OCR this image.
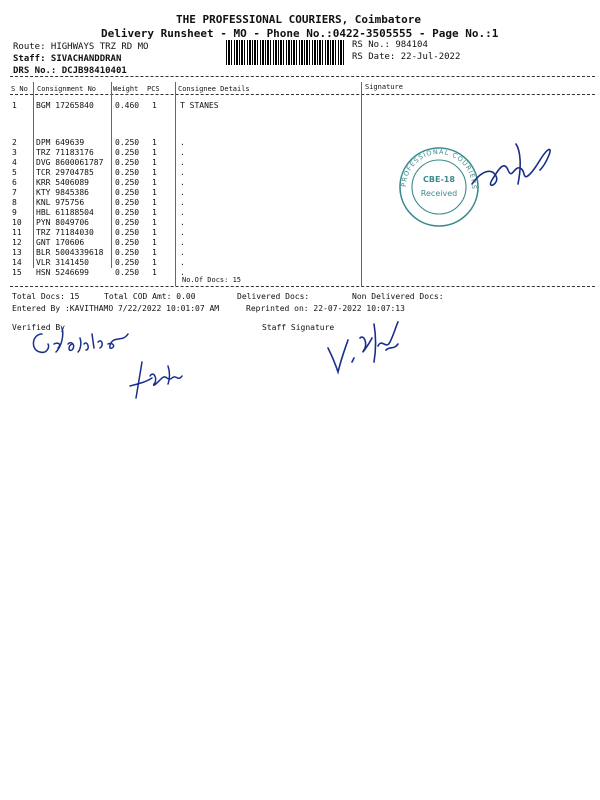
THE PROFESSIONAL COURIERS, Coimbatore
Delivery Runsheet - MO - Phone No.:0422-3505555 - Page No.:1
Route: HIGHWAYS TRZ RD MO
Staff: SIVACHANDDRAN
DRS No.: DCJB98410401
RS No.: 984104
RS Date: 22-Jul-2022
S No Consignment No Weight PCS	Consignee Details	Signature
1 BGM 17265840	0.460 1	T STANES
2 DPM 649639	0.250 1	.
3 TRZ 71183176	0.250 1	.
4 DVG 8600061787 0.250 1	.
5 TCR 29704785	0.250 1	.
6 KRR 5406089	0.250 1	.
7 KTY 9845386	0.250 1	.
8 KNL 975756	0.250 1	.
9 HBL 61188504	0.250 1	.
10 PYN 8049706	0.250 1	.
11 TRZ 71184030	0.250 1	.
12 GNT 170606	0.250 1	.
13 BLR 5004339618 0.250 1	.
14 VLR 3141450	0.250 1	.
15 HSN 5246699	0.250 1	.
No.Of Docs: 15
PROFESSIONAL COURIERS
CBE-18
Received
Total Docs: 15	Total COD Amt: 0.00	Delivered Docs:	Non Delivered Docs:
Entered By :KAVITHAMO 7/22/2022 10:01:07 AM	Reprinted on: 22-07-2022 10:07:13
Verified By	Staff Signature
